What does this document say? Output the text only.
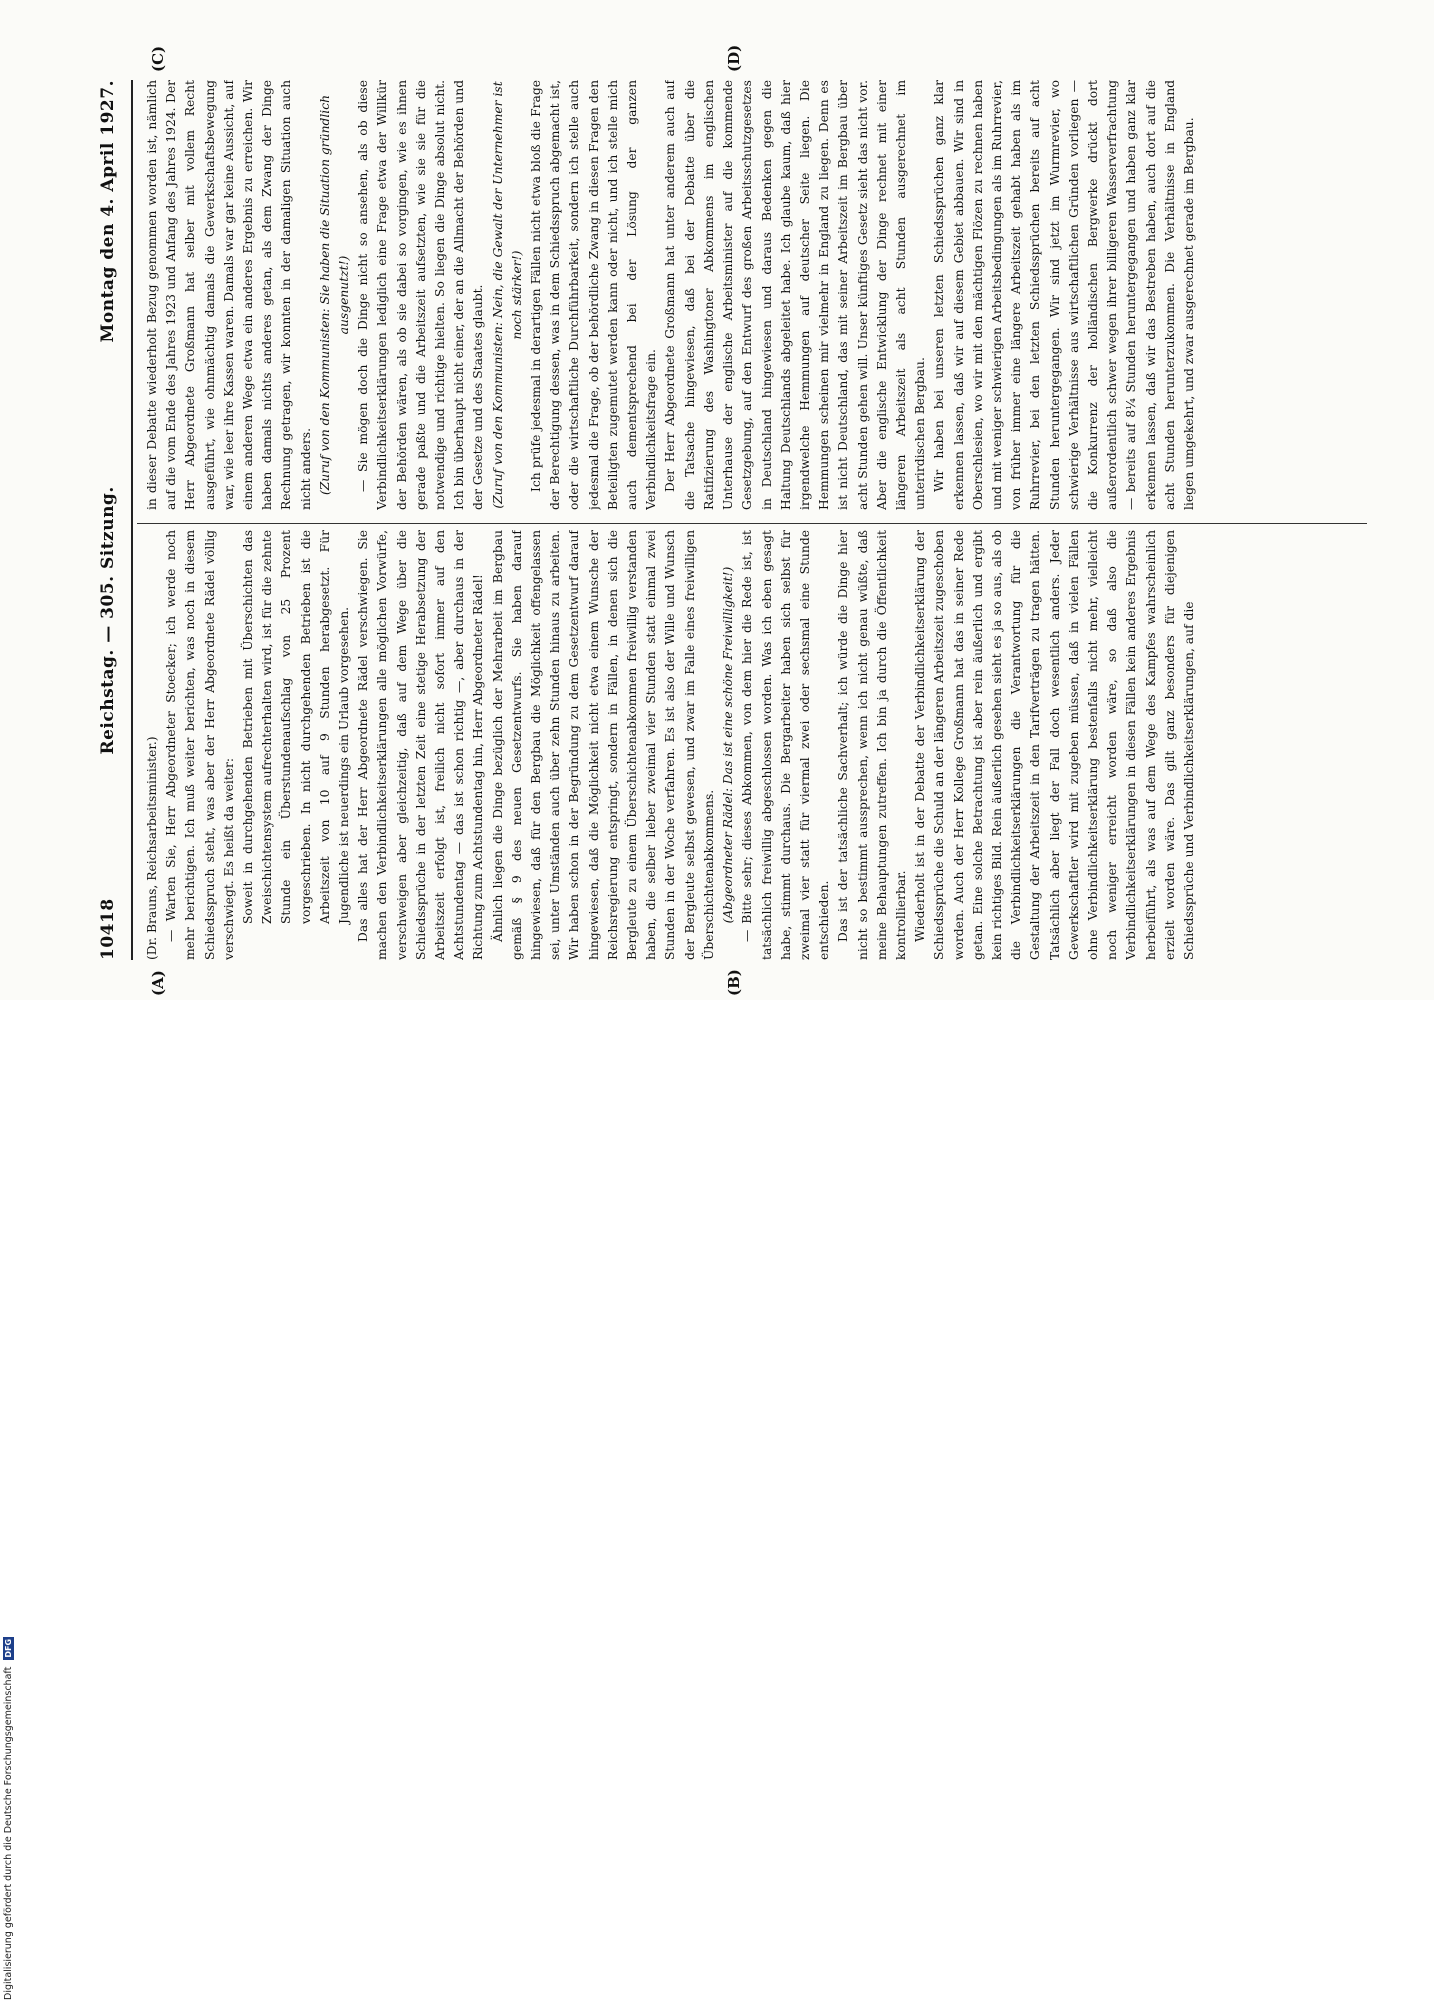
10418
Reichstag. — 305. Sitzung.
Montag den 4. April 1927.
(A)	(B)
(C)	(D)

(Dr. Brauns, Reichsarbeitsminister.) — Warten Sie, Herr Abgeordneter Stoecker; ich werde noch mehr berichtigen. Ich muß weiter berichten, was noch in diesem Schiedsspruch steht, was aber der Herr Abgeordnete Rädel völlig verschwiegt. Es heißt da weiter: Soweit in durchgehenden Betrieben mit Überschichten das Zweischichtensystem aufrechterhalten wird, ist für die zehnte Stunde ein Überstundenaufschlag von 25 Prozent vorgeschrieben. In nicht durchgehenden Betrieben ist die Arbeitszeit von 10 auf 9 Stunden herabgesetzt. Für Jugendliche ist neuerdings ein Urlaub vorgesehen. Das alles hat der Herr Abgeordnete Rädel verschwiegen. Sie machen den Verbindlichkeitserklärungen alle möglichen Vorwürfe, verschweigen aber gleichzeitig, daß auf dem Wege über die Schiedssprüche in der letzten Zeit eine stetige Herabsetzung der Arbeitszeit erfolgt ist, freilich nicht sofort immer auf den Achtstundentag — das ist schon richtig —, aber durchaus in der Richtung zum Achtstundentag hin, Herr Abgeordneter Rädel! Ähnlich liegen die Dinge bezüglich der Mehrarbeit im Bergbau gemäß § 9 des neuen Gesetzentwurfs. Sie haben darauf hingewiesen, daß für den Bergbau die Möglichkeit offengelassen sei, unter Umständen auch über zehn Stunden hinaus zu arbeiten. Wir haben schon in der Begründung zu dem Gesetzentwurf darauf hingewiesen, daß die Möglichkeit nicht etwa einem Wunsche der Reichsregierung entspringt, sondern in Fällen, in denen sich die Bergleute zu einem Überschichtenabkommen freiwillig verstanden haben, die selber lieber zweimal vier Stunden statt einmal zwei Stunden in der Woche verfahren. Es ist also der Wille und Wunsch der Bergleute selbst gewesen, und zwar im Falle eines freiwilligen Überschichtenabkommens. (Abgeordneter Rädel: Das ist eine schöne Freiwilligkeit!) — Bitte sehr; dieses Abkommen, von dem hier die Rede ist, ist tatsächlich freiwillig abgeschlossen worden. Was ich eben gesagt habe, stimmt durchaus. Die Bergarbeiter haben sich selbst für zweimal vier statt für viermal zwei oder sechsmal eine Stunde entschieden. Das ist der tatsächliche Sachverhalt; ich würde die Dinge hier nicht so bestimmt aussprechen, wenn ich nicht genau wüßte, daß meine Behauptungen zutreffen. Ich bin ja durch die Öffentlichkeit kontrollierbar. Wiederholt ist in der Debatte der Verbindlichkeitserklärung der Schiedssprüche die Schuld an der längeren Arbeitszeit zugeschoben worden. Auch der Herr Kollege Großmann hat das in seiner Rede getan. Eine solche Betrachtung ist aber rein äußerlich und ergibt kein richtiges Bild. Rein äußerlich gesehen sieht es ja so aus, als ob die Verbindlichkeitserklärungen die Verantwortung für die Gestaltung der Arbeitszeit in den Tarifverträgen zu tragen hätten. Tatsächlich aber liegt der Fall doch wesentlich anders. Jeder Gewerkschaftler wird mit zugeben müssen, daß in vielen Fällen ohne Verbindlichkeitserklärung bestenfalls nicht mehr, vielleicht noch weniger erreicht worden wäre, so daß also die Verbindlichkeitserklärungen in diesen Fällen kein anderes Ergebnis herbeiführt, als was auf dem Wege des Kampfes wahrscheinlich erzielt worden wäre. Das gilt ganz besonders für diejenigen Schiedssprüche und Verbindlichkeitserklärungen, auf die

in dieser Debatte wiederholt Bezug genommen worden ist, nämlich auf die vom Ende des Jahres 1923 und Anfang des Jahres 1924. Der Herr Abgeordnete Großmann hat selber mit vollem Recht ausgeführt, wie ohnmächtig damals die Gewerkschaftsbewegung war, wie leer ihre Kassen waren. Damals war gar keine Aussicht, auf einem anderen Wege etwa ein anderes Ergebnis zu erreichen. Wir haben damals nichts anderes getan, als dem Zwang der Dinge Rechnung getragen, wir konnten in der damaligen Situation auch nicht anders. (Zuruf von den Kommunisten: Sie haben die Situation gründlich ausgenutzt!) — Sie mögen doch die Dinge nicht so ansehen, als ob diese Verbindlichkeitserklärungen lediglich eine Frage etwa der Willkür der Behörden wären, als ob sie dabei so vorgingen, wie es ihnen gerade paßte und die Arbeitszeit aufsetzten, wie sie sie für die notwendige und richtige hielten. So liegen die Dinge absolut nicht. Ich bin überhaupt nicht einer, der an die Allmacht der Behörden und der Gesetze und des Staates glaubt. (Zuruf von den Kommunisten: Nein, die Gewalt der Unternehmer ist noch stärker!) Ich prüfe jedesmal in derartigen Fällen nicht etwa bloß die Frage der Berechtigung dessen, was in dem Schiedsspruch abgemacht ist, oder die wirtschaftliche Durchführbarkeit, sondern ich stelle auch jedesmal die Frage, ob der behördliche Zwang in diesen Fragen den Beteiligten zugemutet werden kann oder nicht, und ich stelle mich auch dementsprechend bei der Lösung der ganzen Verbindlichkeitsfrage ein. Der Herr Abgeordnete Großmann hat unter anderem auch auf die Tatsache hingewiesen, daß bei der Debatte über die Ratifizierung des Washingtoner Abkommens im englischen Unterhause der englische Arbeitsminister auf die kommende Gesetzgebung, auf den Entwurf des großen Arbeitsschutzgesetzes in Deutschland hingewiesen und daraus Bedenken gegen die Haltung Deutschlands abgeleitet habe. Ich glaube kaum, daß hier irgendwelche Hemmungen auf deutscher Seite liegen. Die Hemmungen scheinen mir vielmehr in England zu liegen. Denn es ist nicht Deutschland, das mit seiner Arbeitszeit im Bergbau über acht Stunden gehen will. Unser künftiges Gesetz sieht das nicht vor. Aber die englische Entwicklung der Dinge rechnet mit einer längeren Arbeitszeit als acht Stunden ausgerechnet im unterirdischen Bergbau. Wir haben bei unseren letzten Schiedssprüchen ganz klar erkennen lassen, daß wir auf diesem Gebiet abbauen. Wir sind in Oberschlesien, wo wir mit den mächtigen Flözen zu rechnen haben und mit weniger schwierigen Arbeitsbedingungen als im Ruhrrevier, von früher immer eine längere Arbeitszeit gehabt haben als im Ruhrrevier, bei den letzten Schiedssprüchen bereits auf acht Stunden heruntergegangen. Wir sind jetzt im Wurmrevier, wo schwierige Verhältnisse aus wirtschaftlichen Gründen vorliegen — die Konkurrenz der holländischen Bergwerke drückt dort außerordentlich schwer wegen ihrer billigeren Wasserverfrachtung — bereits auf 8¼ Stunden heruntergegangen und haben ganz klar erkennen lassen, daß wir das Bestreben haben, auch dort auf die acht Stunden herunterzukommen. Die Verhältnisse in England liegen umgekehrt, und zwar ausgerechnet gerade im Bergbau.

Digitalisierung gefördert durch die Deutsche Forschungsgemeinschaft DFG
